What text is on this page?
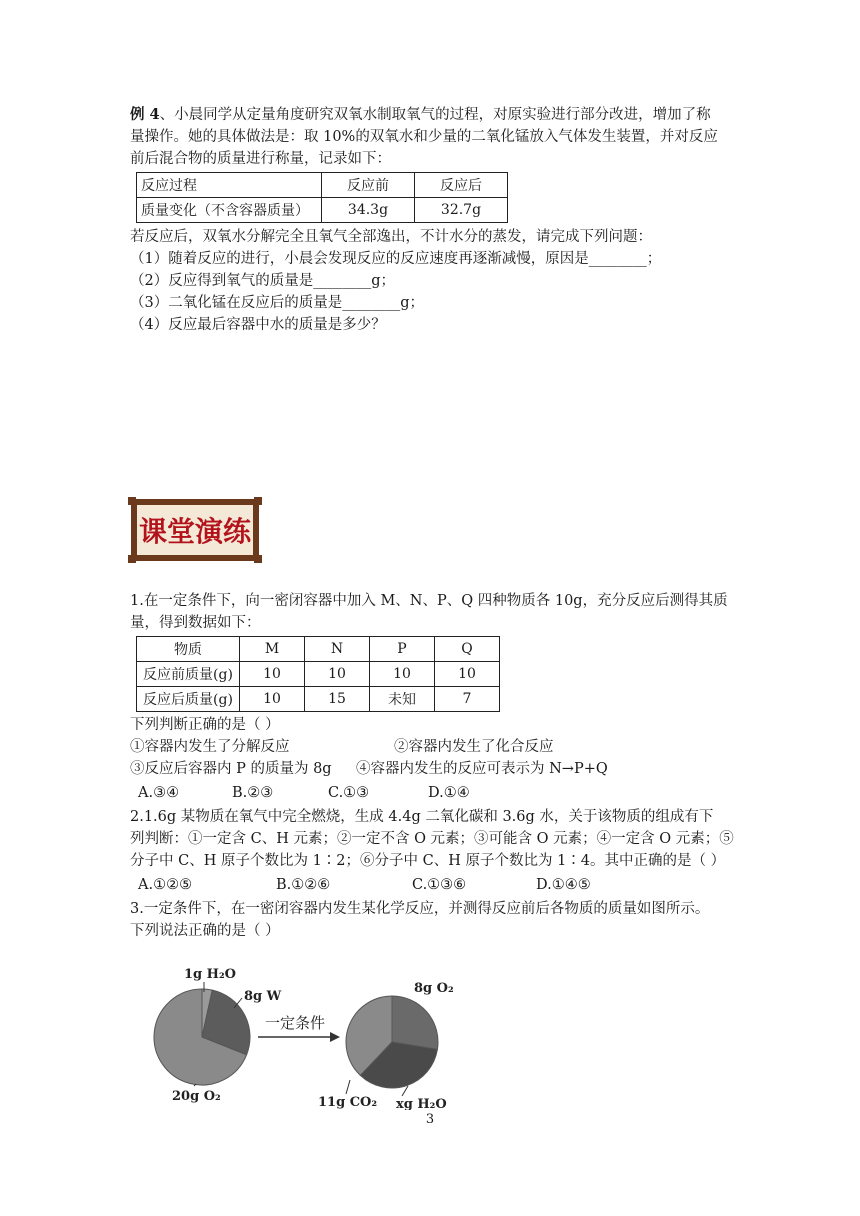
例 4、小晨同学从定量角度研究双氧水制取氧气的过程，对原实验进行部分改进，增加了称
量操作。她的具体做法是：取 10%的双氧水和少量的二氧化锰放入气体发生装置，并对反应
前后混合物的质量进行称量，记录如下：
反应过程	反应前	反应后
质量变化（不含容器质量）	34.3g	32.7g
若反应后，双氧水分解完全且氧气全部逸出，不计水分的蒸发，请完成下列问题：
（1）随着反应的进行，小晨会发现反应的反应速度再逐渐减慢，原因是________；
（2）反应得到氧气的质量是________g；
（3）二氧化锰在反应后的质量是________g；
（4）反应最后容器中水的质量是多少？
课堂演练
1.在一定条件下，向一密闭容器中加入 M、N、P、Q 四种物质各 10g，充分反应后测得其质
量，得到数据如下：
物质	M	N	P	Q
反应前质量(g)	10	10	10	10
反应后质量(g)	10	15	未知	7
下列判断正确的是（ ）
①容器内发生了分解反应	②容器内发生了化合反应
③反应后容器内 P 的质量为 8g ④容器内发生的反应可表示为 N→P+Q
A.③④	B.②③	C.①③	D.①④
2.1.6g 某物质在氧气中完全燃烧，生成 4.4g 二氧化碳和 3.6g 水，关于该物质的组成有下
列判断：①一定含 C、H 元素；②一定不含 O 元素；③可能含 O 元素；④一定含 O 元素；⑤
分子中 C、H 原子个数比为 1∶2；⑥分子中 C、H 原子个数比为 1∶4。其中正确的是（ ）
A.①②⑤	B.①②⑥	C.①③⑥	D.①④⑤
3.一定条件下，在一密闭容器内发生某化学反应，并测得反应前后各物质的质量如图所示。
下列说法正确的是（ ）
1g H₂O
8g W
20g O₂
8g O₂
xg H₂O
11g CO₂
一定条件
3
